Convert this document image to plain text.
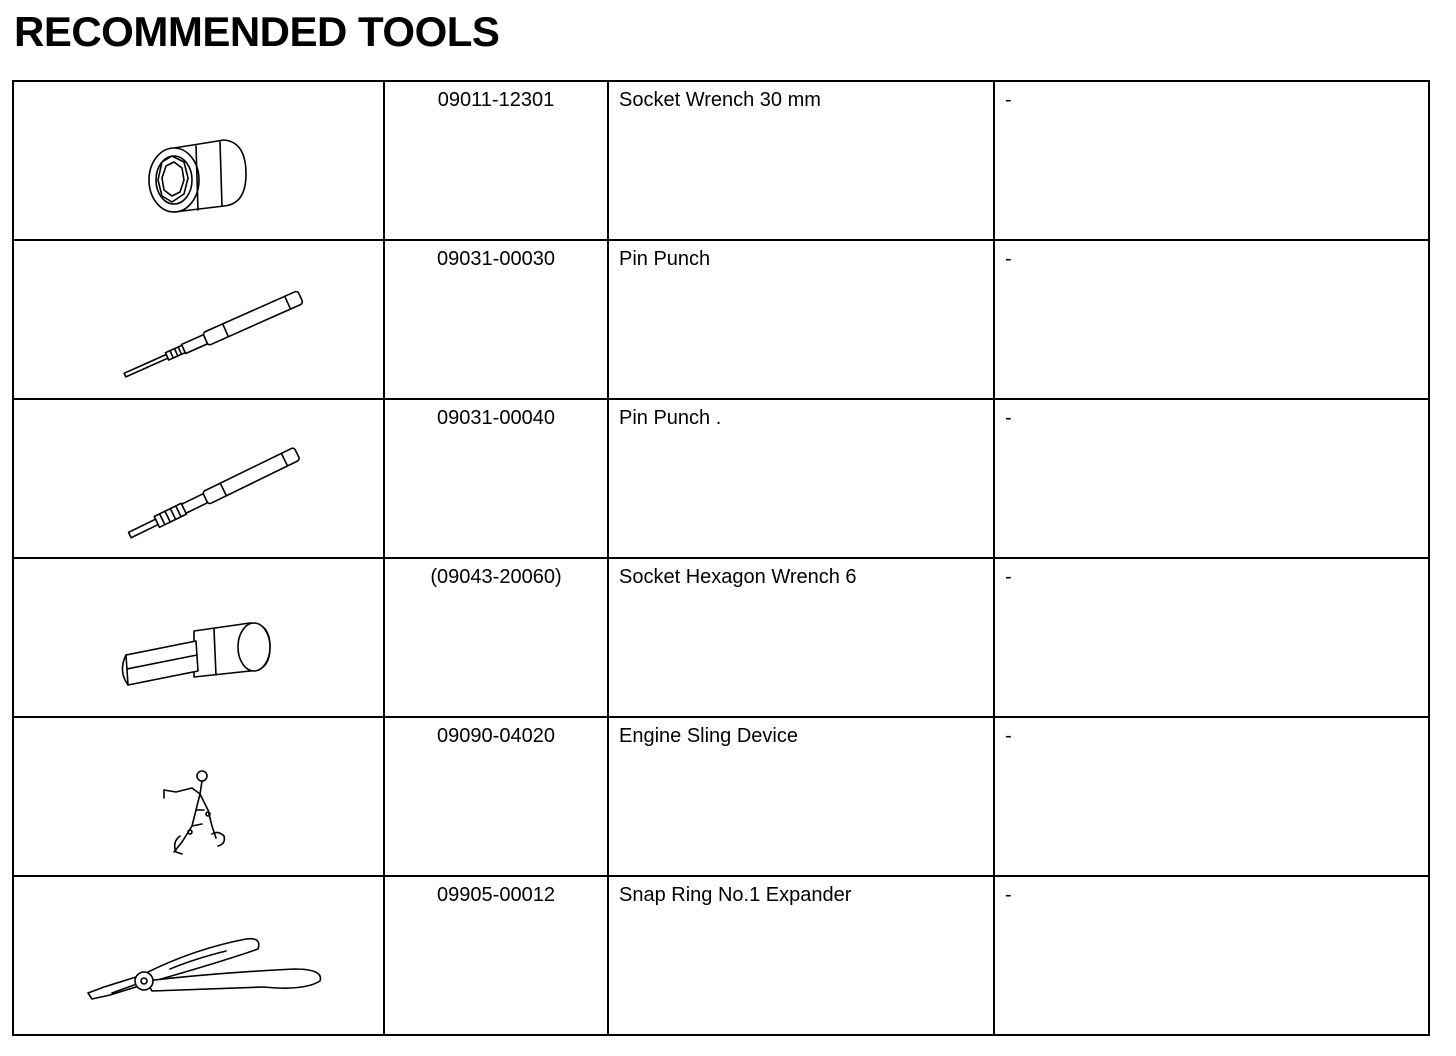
RECOMMENDED TOOLS

09011-12301	Socket Wrench 30 mm	-

09031-00030	Pin Punch	-

09031-00040	Pin Punch .	-

(09043-20060)	Socket Hexagon Wrench 6	-

09090-04020	Engine Sling Device	-

09905-00012	Snap Ring No.1 Expander	-
